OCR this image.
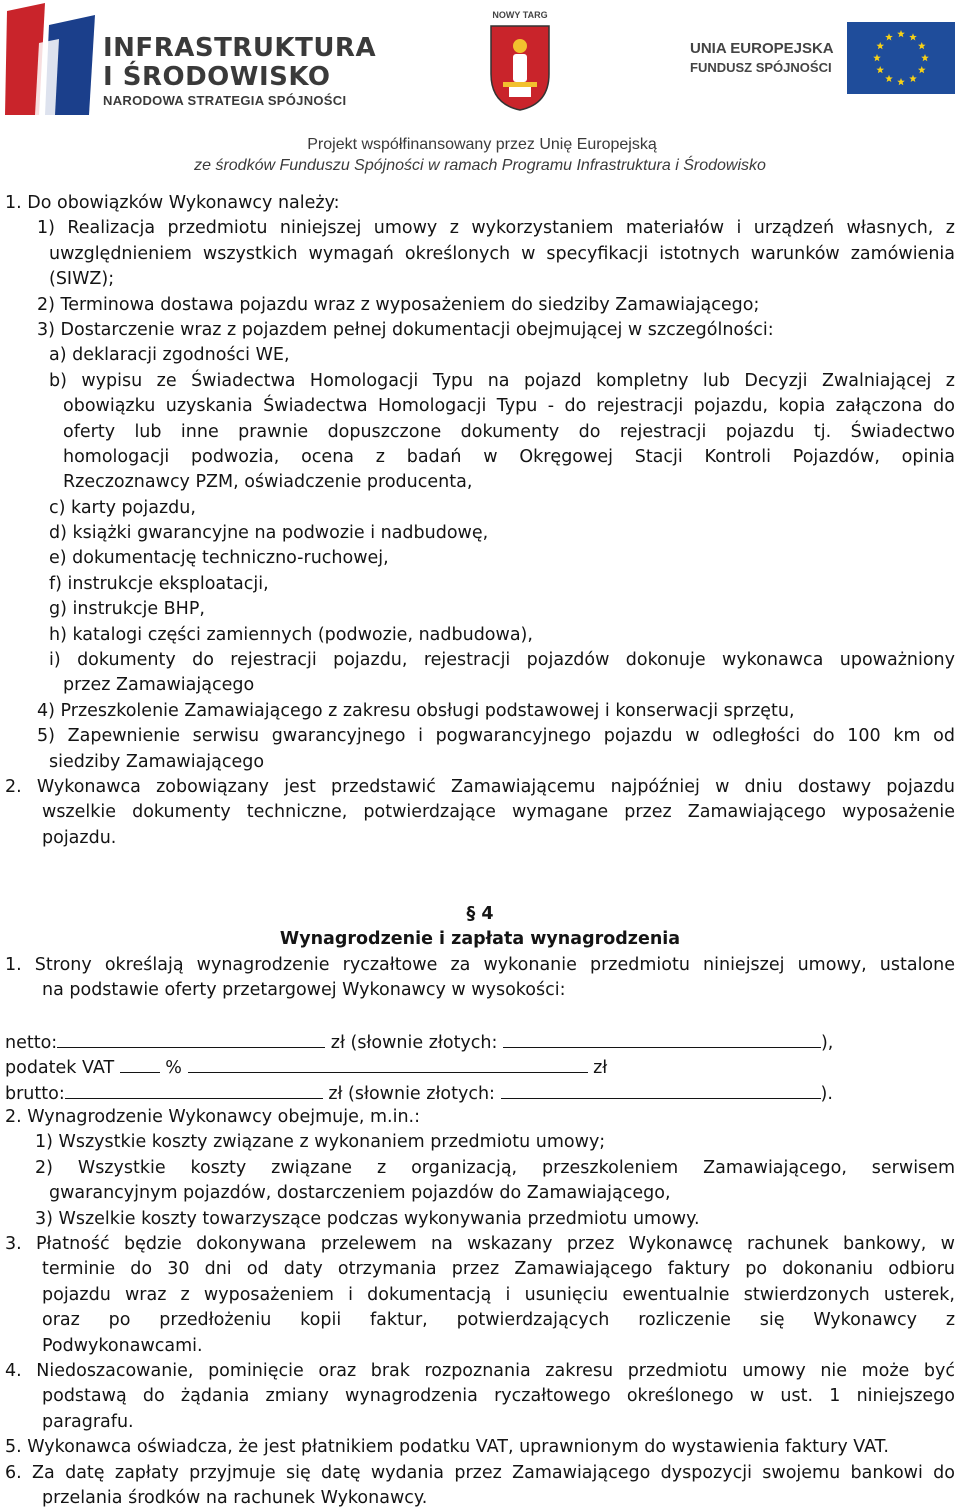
INFRASTRUKTURA
I ŚRODOWISKO
NARODOWA STRATEGIA SPÓJNOŚCI
NOWY TARG
UNIA EUROPEJSKA
FUNDUSZ SPÓJNOŚCI
Projekt współfinansowany przez Unię Europejską
ze środków Funduszu Spójności w ramach Programu Infrastruktura i Środowisko
1. Do obowiązków Wykonawcy należy:
1) Realizacja przedmiotu niniejszej umowy z wykorzystaniem materiałów i urządzeń własnych, z
uwzględnieniem wszystkich wymagań określonych w specyfikacji istotnych warunków zamówienia
(SIWZ);
2) Terminowa dostawa pojazdu wraz z wyposażeniem do siedziby Zamawiającego;
3) Dostarczenie wraz z pojazdem pełnej dokumentacji obejmującej w szczególności:
a) deklaracji zgodności WE,
b) wypisu ze Świadectwa Homologacji Typu na pojazd kompletny lub Decyzji Zwalniającej z
obowiązku uzyskania Świadectwa Homologacji Typu - do rejestracji pojazdu, kopia załączona do
oferty lub inne prawnie dopuszczone dokumenty do rejestracji pojazdu tj. Świadectwo
homologacji podwozia, ocena z badań w Okręgowej Stacji Kontroli Pojazdów, opinia
Rzeczoznawcy PZM, oświadczenie producenta,
c) karty pojazdu,
d) książki gwarancyjne na podwozie i nadbudowę,
e) dokumentację techniczno-ruchowej,
f) instrukcje eksploatacji,
g) instrukcje BHP,
h) katalogi części zamiennych (podwozie, nadbudowa),
i) dokumenty do rejestracji pojazdu, rejestracji pojazdów dokonuje wykonawca upoważniony
przez Zamawiającego
4) Przeszkolenie Zamawiającego z zakresu obsługi podstawowej i konserwacji sprzętu,
5) Zapewnienie serwisu gwarancyjnego i pogwarancyjnego pojazdu w odległości do 100 km od
siedziby Zamawiającego
2. Wykonawca zobowiązany jest przedstawić Zamawiającemu najpóźniej w dniu dostawy pojazdu
wszelkie dokumenty techniczne, potwierdzające wymagane przez Zamawiającego wyposażenie
pojazdu.
§ 4
Wynagrodzenie i zapłata wynagrodzenia
1. Strony określają wynagrodzenie ryczałtowe za wykonanie przedmiotu niniejszej umowy, ustalone
na podstawie oferty przetargowej Wykonawcy w wysokości:
netto:	zł (słownie złotych:	),
podatek VAT	%	zł
brutto:	zł (słownie złotych:	).
2. Wynagrodzenie Wykonawcy obejmuje, m.in.:
1) Wszystkie koszty związane z wykonaniem przedmiotu umowy;
2) Wszystkie koszty związane z organizacją, przeszkoleniem Zamawiającego, serwisem
gwarancyjnym pojazdów, dostarczeniem pojazdów do Zamawiającego,
3) Wszelkie koszty towarzyszące podczas wykonywania przedmiotu umowy.
3. Płatność będzie dokonywana przelewem na wskazany przez Wykonawcę rachunek bankowy, w
terminie do 30 dni od daty otrzymania przez Zamawiającego faktury po dokonaniu odbioru
pojazdu wraz z wyposażeniem i dokumentacją i usunięciu ewentualnie stwierdzonych usterek,
oraz po przedłożeniu kopii faktur, potwierdzających rozliczenie się Wykonawcy z
Podwykonawcami.
4. Niedoszacowanie, pominięcie oraz brak rozpoznania zakresu przedmiotu umowy nie może być
podstawą do żądania zmiany wynagrodzenia ryczałtowego określonego w ust. 1 niniejszego
paragrafu.
5. Wykonawca oświadcza, że jest płatnikiem podatku VAT, uprawnionym do wystawienia faktury VAT.
6. Za datę zapłaty przyjmuje się datę wydania przez Zamawiającego dyspozycji swojemu bankowi do
przelania środków na rachunek Wykonawcy.
